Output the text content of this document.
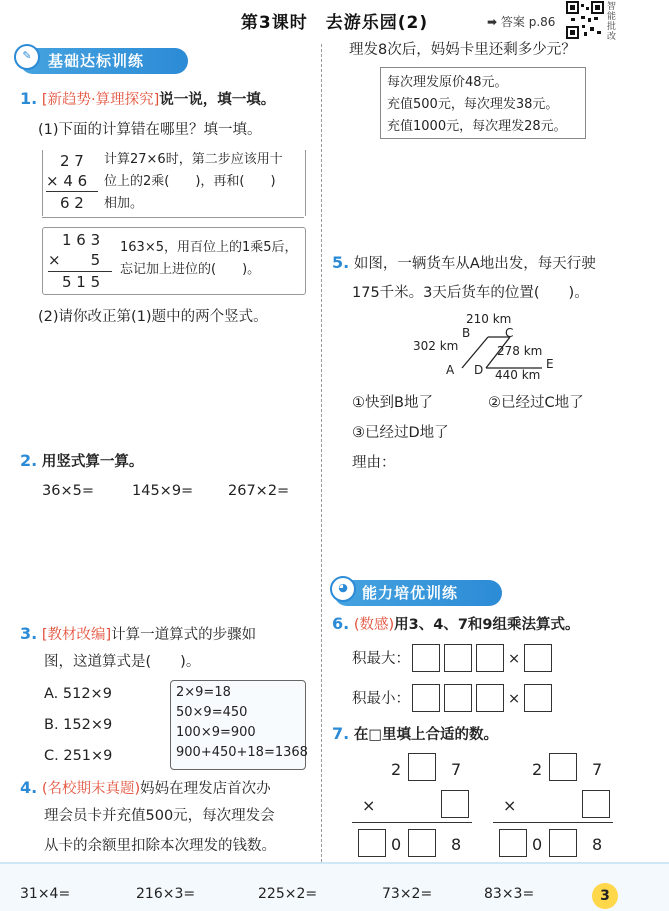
第3课时　去游乐园(2)	➡ 答案 p.86
智能批改
基础达标训练
✎
1. [新趋势·算理探究]说一说，填一填。
(1)下面的计算错在哪里？填一填。
2 7
× 4 6
6 2
计算27×6时，第二步应该用十
位上的2乘(　　)，再和(　　)
相加。
1 6 3
×　　5
5 1 5
163×5，用百位上的1乘5后，
忘记加上进位的(　　)。
(2)请你改正第(1)题中的两个竖式。
2. 用竖式算一算。
36×5=	145×9= 267×2=
3. [教材改编]计算一道算式的步骤如
图，这道算式是(　　)。
A. 512×9
B. 152×9
C. 251×9
2×9=18
50×9=450
100×9=900
900+450+18=1368
4. (名校期末真题)妈妈在理发店首次办
理会员卡并充值500元，每次理发会
从卡的余额里扣除本次理发的钱数。
理发8次后，妈妈卡里还剩多少元？
每次理发原价48元。
充值500元，每次理发38元。
充值1000元，每次理发28元。
5. 如图，一辆货车从A地出发，每天行驶
175千米。3天后货车的位置(　　)。
210 km
302 km	278 km
440 km
B	C
A D	E
①快到B地了	②已经过C地了
③已经过D地了
理由：
能力培优训练
◕
6. (数感)用3、4、7和9组乘法算式。
积最大：	×
积最小：	×
7. 在□里填上合适的数。
2	7
×
0	8
2	7
×
0	8
31×4=	216×3=	225×2=	73×2=	83×3=	3
